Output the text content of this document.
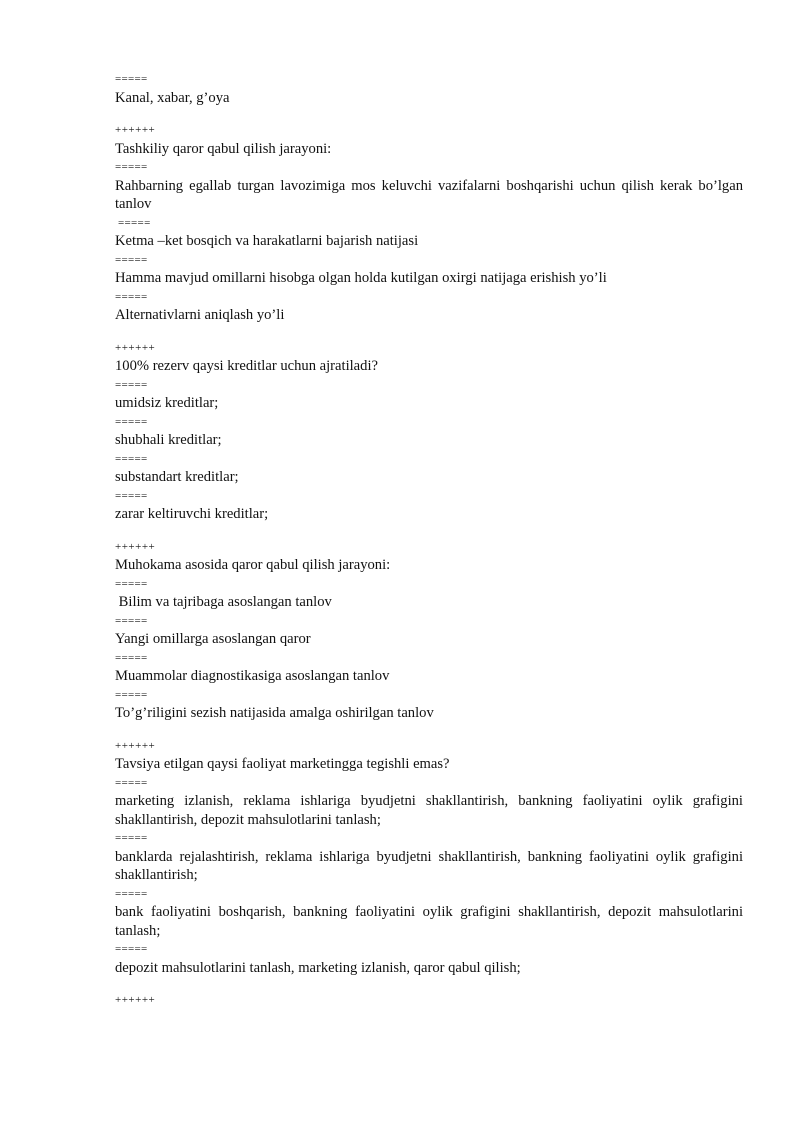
=====
Kanal, xabar, g’oya
++++++
Tashkiliy qaror qabul qilish jarayoni:
=====
Rahbarning egallab turgan lavozimiga mos keluvchi vazifalarni boshqarishi uchun qilish kerak bo’lgan tanlov
=====
Ketma –ket bosqich va harakatlarni bajarish natijasi
=====
Hamma mavjud omillarni hisobga olgan holda kutilgan oxirgi natijaga erishish yo’li
=====
Alternativlarni aniqlash yo’li
++++++
100% rezerv qaysi kreditlar uchun ajratiladi?
=====
umidsiz kreditlar;
=====
shubhali kreditlar;
=====
substandart kreditlar;
=====
zarar keltiruvchi kreditlar;
++++++
Muhokama asosida qaror qabul qilish jarayoni:
=====
Bilim va tajribaga asoslangan tanlov
=====
Yangi omillarga asoslangan qaror
=====
Muammolar diagnostikasiga asoslangan tanlov
=====
To’g’riligini sezish natijasida amalga oshirilgan tanlov
++++++
Tavsiya etilgan qaysi faoliyat marketingga tegishli emas?
=====
marketing izlanish, reklama ishlariga byudjetni shakllantirish, bankning faoliyatini oylik grafigini shakllantirish, depozit mahsulotlarini tanlash;
=====
banklarda rejalashtirish, reklama ishlariga byudjetni shakllantirish, bankning faoliyatini oylik grafigini shakllantirish;
=====
bank faoliyatini boshqarish, bankning faoliyatini oylik grafigini shakllantirish, depozit mahsulotlarini tanlash;
=====
depozit mahsulotlarini tanlash, marketing izlanish, qaror qabul qilish;
++++++
